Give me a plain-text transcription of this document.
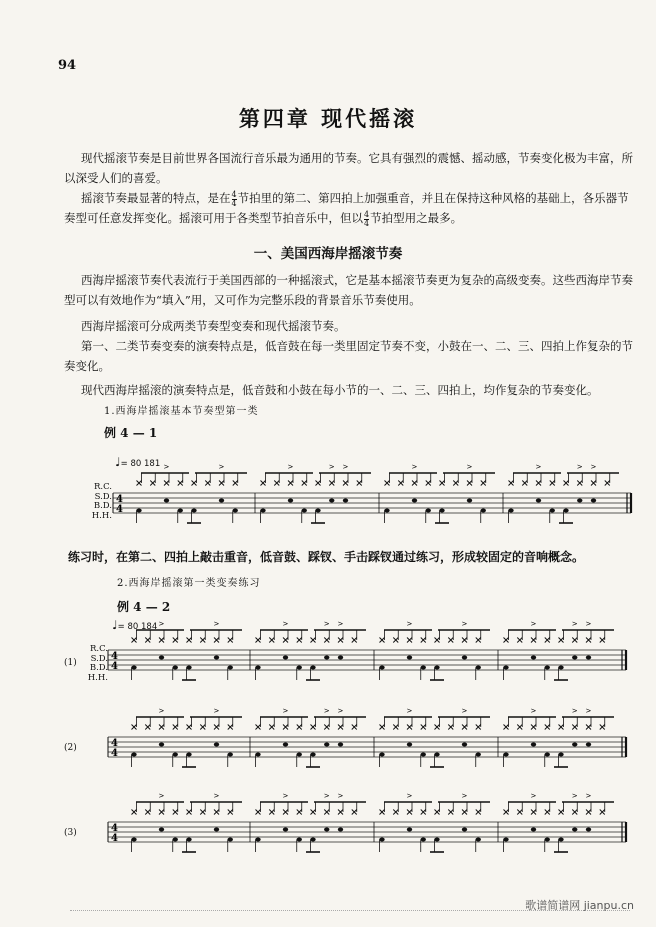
94
第四章 现代摇滚
现代摇滚节奏是目前世界各国流行音乐最为通用的节奏。它具有强烈的震憾、摇动感，节奏变化极为丰富，所以深受人们的喜爱。
摇滚节奏最显著的特点，是在 $\frac{4}{4}$ 节拍里的第二、第四拍上加强重音，并且在保持这种风格的基础上，各乐器节奏型可任意发挥变化。摇滚可用于各类型节拍音乐中，但以 $\frac{4}{4}$ 节拍型用之最多。
一、美国西海岸摇滚节奏
西海岸摇滚节奏代表流行于美国西部的一种摇滚式，它是基本摇滚节奏更为复杂的高级变奏。这些西海岸节奏型可以有效地作为“填入”用，又可作为完整乐段的背景音乐节奏使用。
西海岸摇滚可分成两类节奏型变奏和现代摇滚节奏。
第一、二类节奏变奏的演奏特点是，低音鼓在每一类里固定节奏不变，小鼓在一、二、三、四拍上作复杂的节奏变化。
现代西海岸摇滚的演奏特点是，低音鼓和小鼓在每小节的一、二、三、四拍上，均作复杂的节奏变化。
1.西海岸摇滚基本节奏型第一类
例 4 — 1
♩= 80 181
R.C.
S.D.
B.D.
H.H.
4
4
>	>	>	> >	>	>	>	> >
练习时，在第二、四拍上敲击重音，低音鼓、踩钗、手击踩钗通过练习，形成较固定的音响概念。
2.西海岸摇滚第一类变奏练习
例 4 — 2
♩= 80 184
R.C.
S.D.
B.D.
H.H.
(1)
4
4
>	>	>	> >	>	>	>	> >
(2)	4
4
>	>	>	> >	>	>	>	> >
(3)	4
4
>	>	>	> >	>	>	>	> >
歌谱简谱网 jianpu.cn
